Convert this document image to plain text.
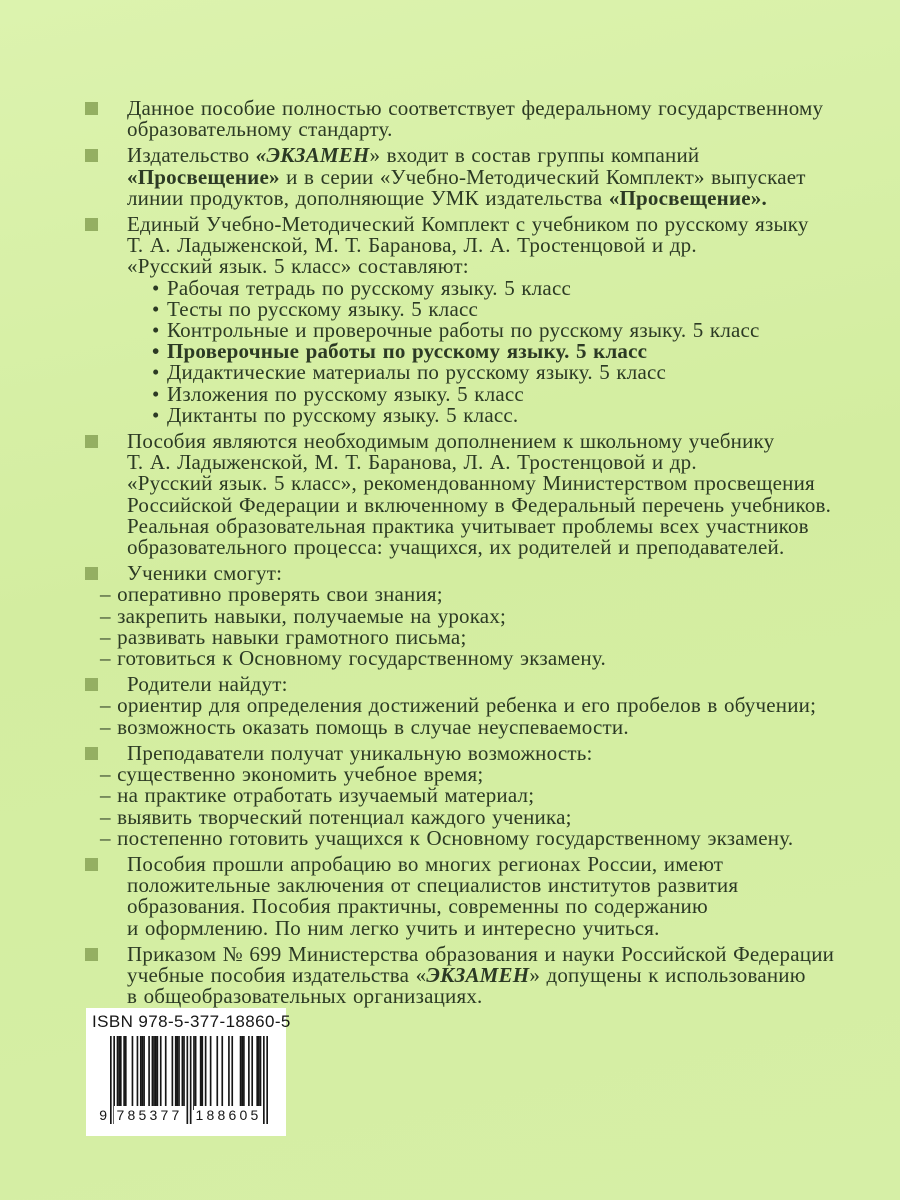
Данное пособие полностью соответствует федеральному государственному
образовательному стандарту.
Издательство «ЭКЗАМЕН» входит в состав группы компаний
«Просвещение» и в серии «Учебно-Методический Комплект» выпускает
линии продуктов, дополняющие УМК издательства «Просвещение».
Единый Учебно-Методический Комплект с учебником по русскому языку
Т. А. Ладыженской, М. Т. Баранова, Л. А. Тростенцовой и др.
«Русский язык. 5 класс» составляют:
• Рабочая тетрадь по русскому языку. 5 класс
• Тесты по русскому языку. 5 класс
• Контрольные и проверочные работы по русскому языку. 5 класс
• Проверочные работы по русскому языку. 5 класс
• Дидактические материалы по русскому языку. 5 класс
• Изложения по русскому языку. 5 класс
• Диктанты по русскому языку. 5 класс.
Пособия являются необходимым дополнением к школьному учебнику
Т. А. Ладыженской, М. Т. Баранова, Л. А. Тростенцовой и др.
«Русский язык. 5 класс», рекомендованному Министерством просвещения
Российской Федерации и включенному в Федеральный перечень учебников.
Реальная образовательная практика учитывает проблемы всех участников
образовательного процесса: учащихся, их родителей и преподавателей.
Ученики смогут:
– оперативно проверять свои знания;
– закрепить навыки, получаемые на уроках;
– развивать навыки грамотного письма;
– готовиться к Основному государственному экзамену.
Родители найдут:
– ориентир для определения достижений ребенка и его пробелов в обучении;
– возможность оказать помощь в случае неуспеваемости.
Преподаватели получат уникальную возможность:
– существенно экономить учебное время;
– на практике отработать изучаемый материал;
– выявить творческий потенциал каждого ученика;
– постепенно готовить учащихся к Основному государственному экзамену.
Пособия прошли апробацию во многих регионах России, имеют
положительные заключения от специалистов институтов развития
образования. Пособия практичны, современны по содержанию
и оформлению. По ним легко учить и интересно учиться.
Приказом № 699 Министерства образования и науки Российской Федерации
учебные пособия издательства «ЭКЗАМЕН» допущены к использованию
в общеобразовательных организациях.
ISBN 978-5-377-18860-5
9 785377 188605
